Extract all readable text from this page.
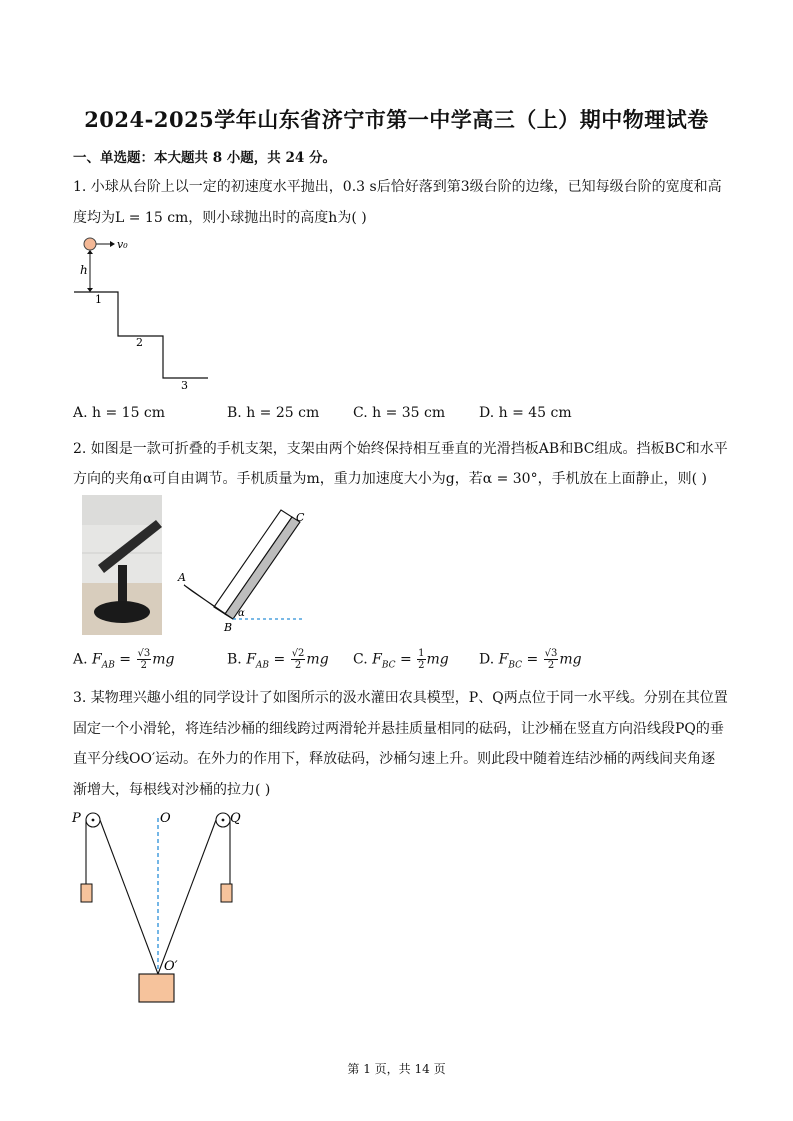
2024-2025学年山东省济宁市第一中学高三（上）期中物理试卷
一、单选题：本大题共 8 小题，共 24 分。
1. 小球从台阶上以一定的初速度水平抛出，0.3 s后恰好落到第3级台阶的边缘，已知每级台阶的宽度和高
度均为L = 15 cm，则小球抛出时的高度h为( )
v₀
h
1
2
3
A. h = 15 cm	B. h = 25 cm C. h = 35 cm D. h = 45 cm
2. 如图是一款可折叠的手机支架，支架由两个始终保持相互垂直的光滑挡板AB和BC组成。挡板BC和水平
方向的夹角α可自由调节。手机质量为m，重力加速度大小为g，若α = 30°，手机放在上面静止，则( )
A
B
C
α
A. $F_{AB} = \frac{√3}{2}$ mg	B. $F_{AB} = \frac{√2}{2}$ mg C. $F_{BC} = \frac{1}{2}$ mg D. $F_{BC} = \frac{√3}{2}$ mg
3. 某物理兴趣小组的同学设计了如图所示的汲水灌田农具模型，P、Q两点位于同一水平线。分别在其位置
固定一个小滑轮，将连结沙桶的细线跨过两滑轮并悬挂质量相同的砝码，让沙桶在竖直方向沿线段PQ的垂
直平分线OO′运动。在外力的作用下，释放砝码，沙桶匀速上升。则此段中随着连结沙桶的两线间夹角逐
渐增大，每根线对沙桶的拉力( )
P	O	Q
O′
第 1 页，共 14 页
